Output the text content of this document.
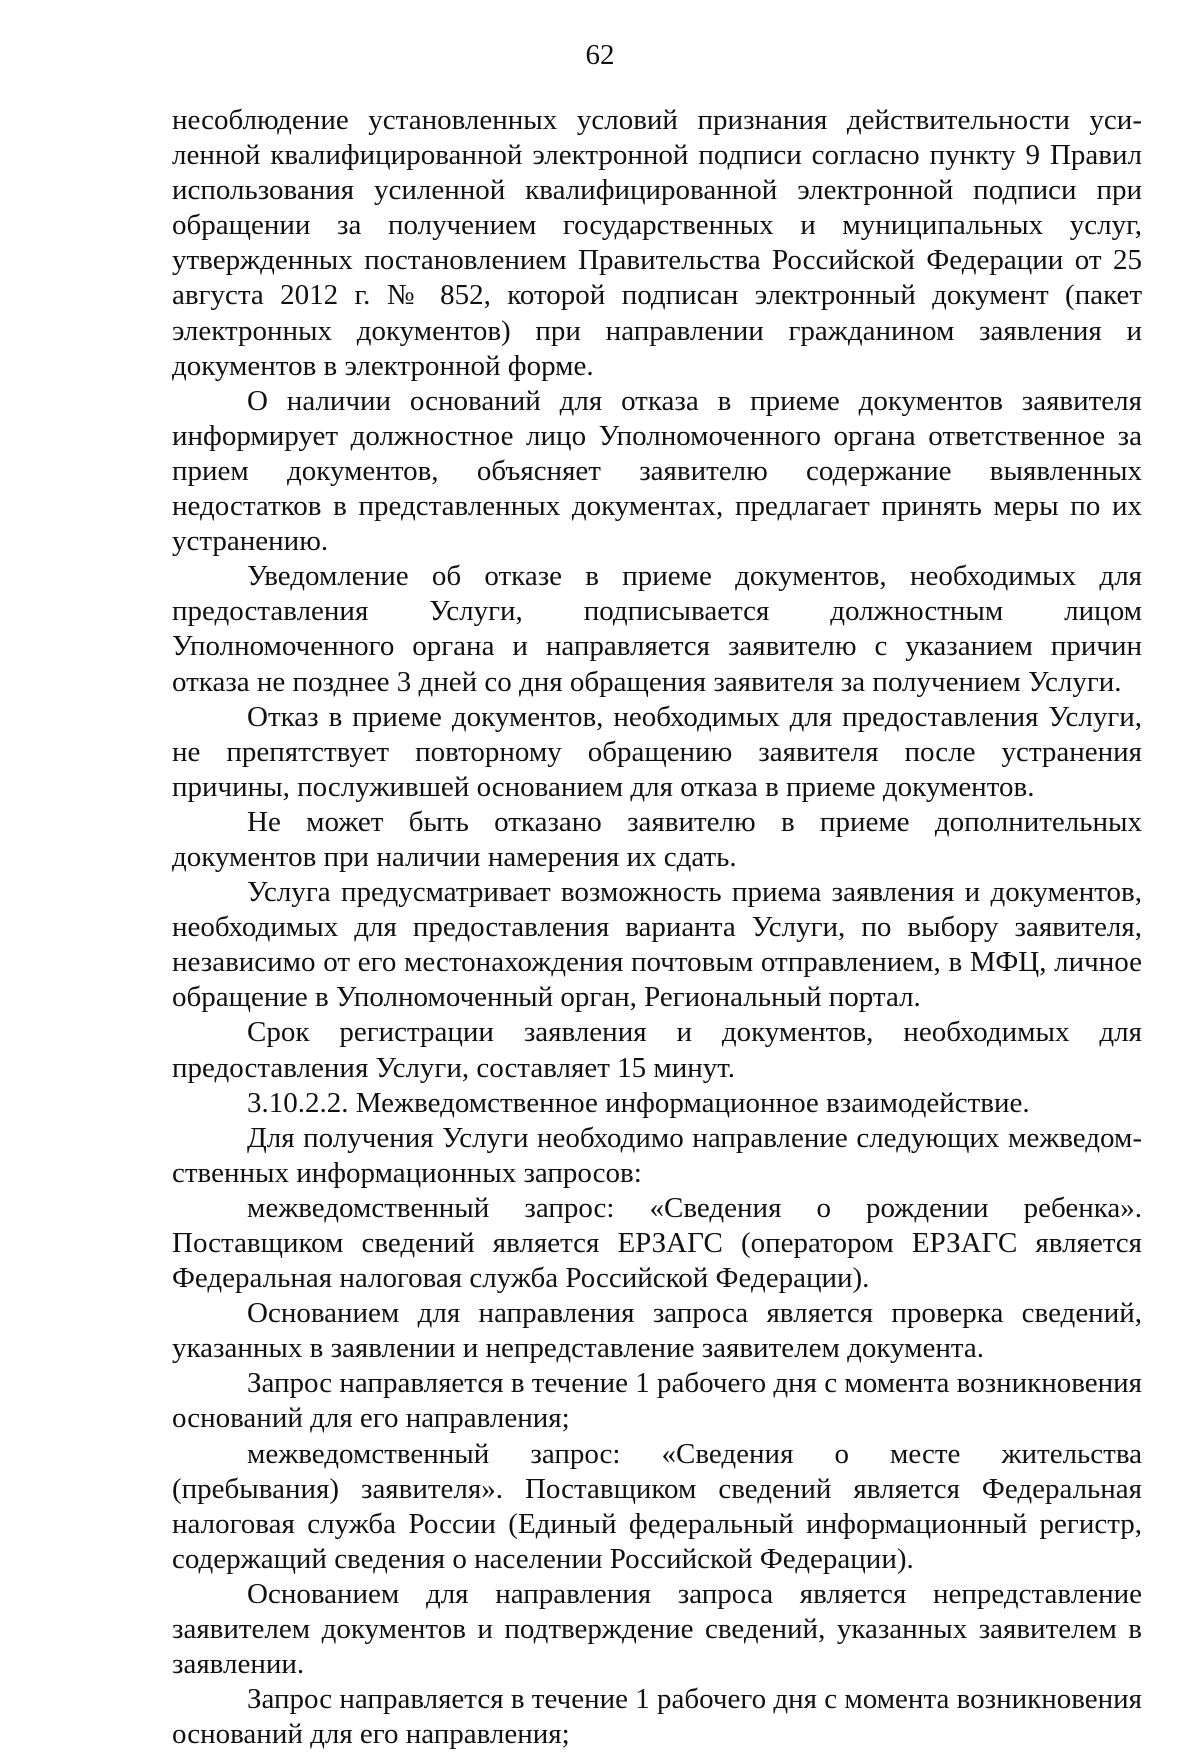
62

несоблюдение установленных условий признания действительности усиленной квалифицированной электронной подписи согласно пункту 9 Правил использования усиленной квалифицированной электронной подписи при обращении за получением государственных и муниципальных услуг, утвержденных постановлением Правительства Российской Федерации от 25 августа 2012 г. № 852, которой подписан электронный документ (пакет электронных документов) при направлении гражданином заявления и документов в электронной форме.

О наличии оснований для отказа в приеме документов заявителя информирует должностное лицо Уполномоченного органа ответственное за прием документов, объясняет заявителю содержание выявленных недостатков в представленных документах, предлагает принять меры по их устранению.

Уведомление об отказе в приеме документов, необходимых для предоставления Услуги, подписывается должностным лицом Уполномоченного органа и направляется заявителю с указанием причин отказа не позднее 3 дней со дня обращения заявителя за получением Услуги.

Отказ в приеме документов, необходимых для предоставления Услуги, не препятствует повторному обращению заявителя после устранения причины, послужившей основанием для отказа в приеме документов.

Не может быть отказано заявителю в приеме дополнительных документов при наличии намерения их сдать.

Услуга предусматривает возможность приема заявления и документов, необходимых для предоставления варианта Услуги, по выбору заявителя, независимо от его местонахождения почтовым отправлением, в МФЦ, личное обращение в Уполномоченный орган, Региональный портал.

Срок регистрации заявления и документов, необходимых для предоставления Услуги, составляет 15 минут.

3.10.2.2. Межведомственное информационное взаимодействие.

Для получения Услуги необходимо направление следующих межведомственных информационных запросов:

межведомственный запрос: «Сведения о рождении ребенка». Поставщиком сведений является ЕРЗАГС (оператором ЕРЗАГС является Федеральная налоговая служба Российской Федерации).

Основанием для направления запроса является проверка сведений, указанных в заявлении и непредставление заявителем документа.

Запрос направляется в течение 1 рабочего дня с момента возникновения оснований для его направления;

межведомственный запрос: «Сведения о месте жительства (пребывания) заявителя». Поставщиком сведений является Федеральная налоговая служба России (Единый федеральный информационный регистр, содержащий сведения о населении Российской Федерации).

Основанием для направления запроса является непредставление заявителем документов и подтверждение сведений, указанных заявителем в заявлении.

Запрос направляется в течение 1 рабочего дня с момента возникновения оснований для его направления;
